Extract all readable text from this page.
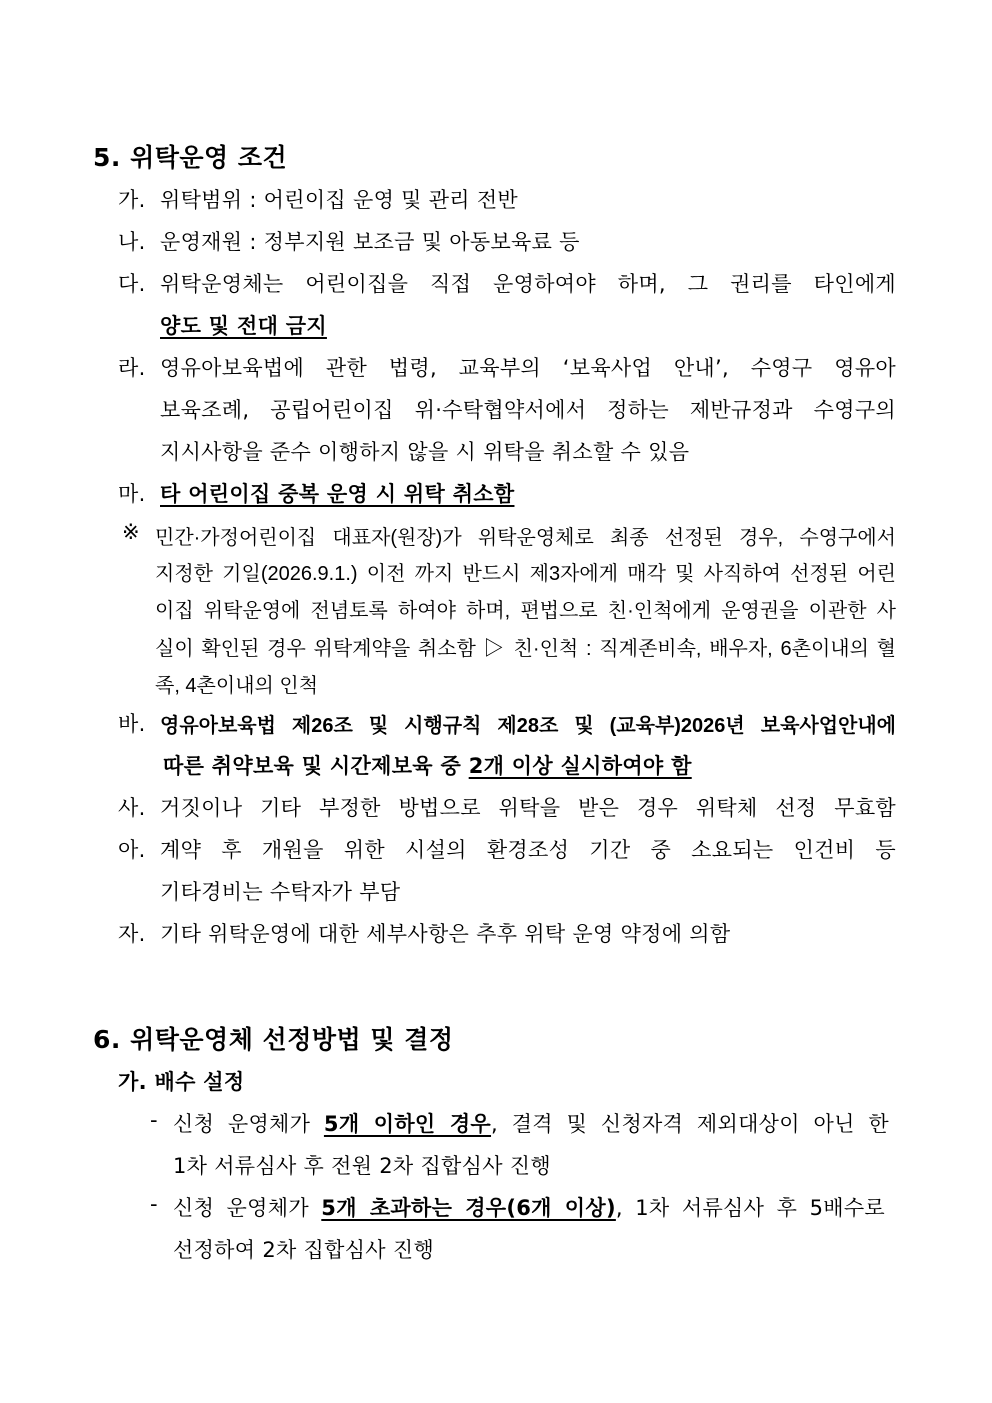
5. 위탁운영 조건
가. 위탁범위 : 어린이집 운영 및 관리 전반
나. 운영재원 : 정부지원 보조금 및 아동보육료 등
다. 위탁운영체는 어린이집을 직접 운영하여야 하며, 그 권리를 타인에게
양도 및 전대 금지
라. 영유아보육법에 관한 법령, 교육부의 ‘보육사업 안내’, 수영구 영유아
보육조례, 공립어린이집 위·수탁협약서에서 정하는 제반규정과 수영구의
지시사항을 준수 이행하지 않을 시 위탁을 취소할 수 있음
마. 타 어린이집 중복 운영 시 위탁 취소함
※ 민간·가정어린이집 대표자(원장)가 위탁운영체로 최종 선정된 경우, 수영구에서
지정한 기일(2026.9.1.) 이전 까지 반드시 제3자에게 매각 및 사직하여 선정된 어린
이집 위탁운영에 전념토록 하여야 하며, 편법으로 친·인척에게 운영권을 이관한 사
실이 확인된 경우 위탁계약을 취소함 ▷ 친·인척 : 직계존비속, 배우자, 6촌이내의 혈
족, 4촌이내의 인척
바. 영유아보육법 제26조 및 시행규칙 제28조 및 (교육부)2026년 보육사업안내에
따른 취약보육 및 시간제보육 중 2개 이상 실시하여야 함
사. 거짓이나 기타 부정한 방법으로 위탁을 받은 경우 위탁체 선정 무효함
아. 계약 후 개원을 위한 시설의 환경조성 기간 중 소요되는 인건비 등
기타경비는 수탁자가 부담
자. 기타 위탁운영에 대한 세부사항은 추후 위탁 운영 약정에 의함
6. 위탁운영체 선정방법 및 결정
가. 배수 설정
- 신청 운영체가 5개 이하인 경우, 결격 및 신청자격 제외대상이 아닌 한
1차 서류심사 후 전원 2차 집합심사 진행
- 신청 운영체가 5개 초과하는 경우(6개 이상), 1차 서류심사 후 5배수로
선정하여 2차 집합심사 진행
